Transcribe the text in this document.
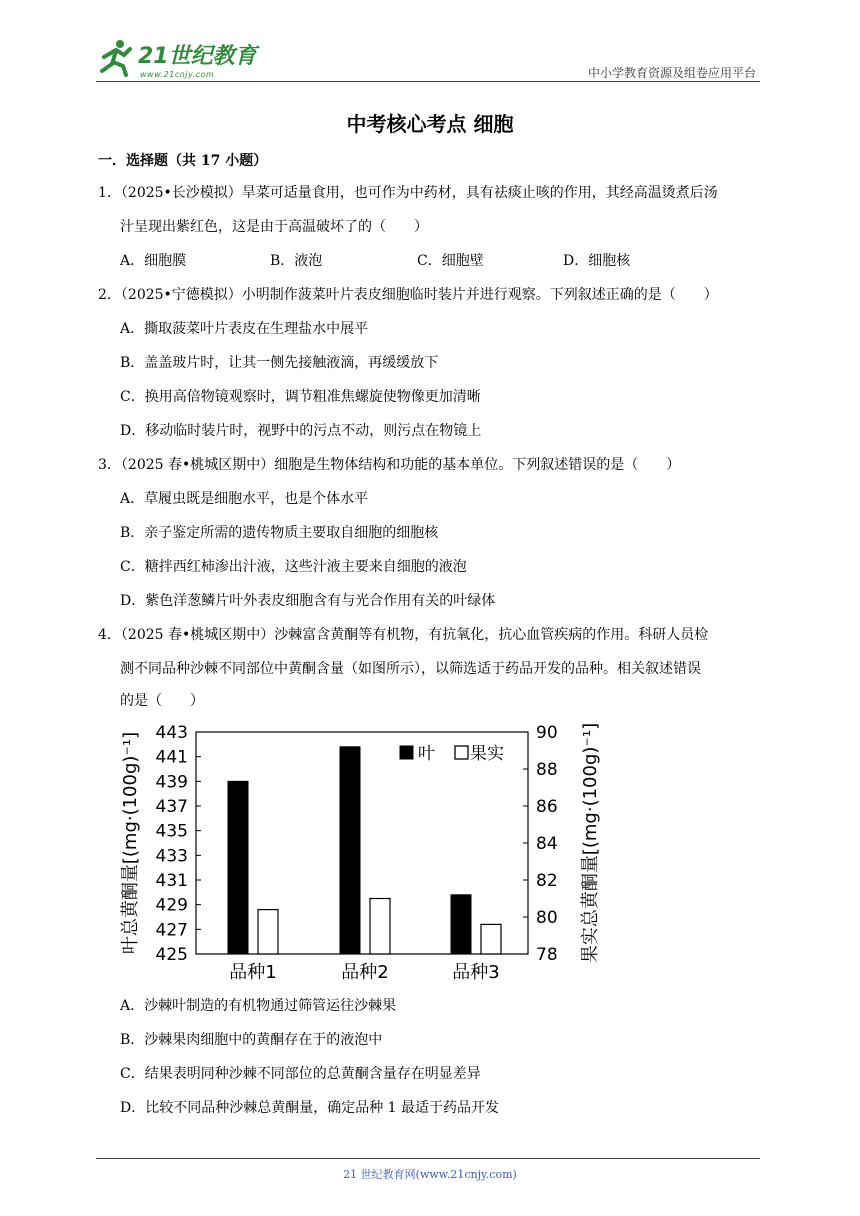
21世纪教育
www.21cnjy.com	中小学教育资源及组卷应用平台
中考核心考点 细胞
一．选择题（共 17 小题）
1．（2025•长沙模拟）旱菜可适量食用，也可作为中药材，具有祛痰止咳的作用，其经高温烫煮后汤
汁呈现出紫红色，这是由于高温破坏了的（　　）
A．细胞膜	B．液泡	C．细胞壁	D．细胞核
2．（2025•宁德模拟）小明制作菠菜叶片表皮细胞临时装片并进行观察。下列叙述正确的是（　　）
A．撕取菠菜叶片表皮在生理盐水中展平
B．盖盖玻片时，让其一侧先接触液滴，再缓缓放下
C．换用高倍物镜观察时，调节粗准焦螺旋使物像更加清晰
D．移动临时装片时，视野中的污点不动，则污点在物镜上
3．（2025 春•桃城区期中）细胞是生物体结构和功能的基本单位。下列叙述错误的是（　　）
A．草履虫既是细胞水平，也是个体水平
B．亲子鉴定所需的遗传物质主要取自细胞的细胞核
C．糖拌西红柿渗出汁液，这些汁液主要来自细胞的液泡
D．紫色洋葱鳞片叶外表皮细胞含有与光合作用有关的叶绿体
4．（2025 春•桃城区期中）沙棘富含黄酮等有机物，有抗氧化，抗心血管疾病的作用。科研人员检
测不同品种沙棘不同部位中黄酮含量（如图所示），以筛选适于药品开发的品种。相关叙述错误
的是（　　）
425
427
429
431
433
435
437
439
441
443
78
80
82
84
86
88
90
叶总黄酮量[(mg·(100g)⁻¹]	果实总黄酮量[(mg·(100g)⁻¹]
品种1	品种2	品种3
叶 果实
A．沙棘叶制造的有机物通过筛管运往沙棘果
B．沙棘果肉细胞中的黄酮存在于的液泡中
C．结果表明同种沙棘不同部位的总黄酮含量存在明显差异
D．比较不同品种沙棘总黄酮量，确定品种 1 最适于药品开发
21 世纪教育网(www.21cnjy.com)
